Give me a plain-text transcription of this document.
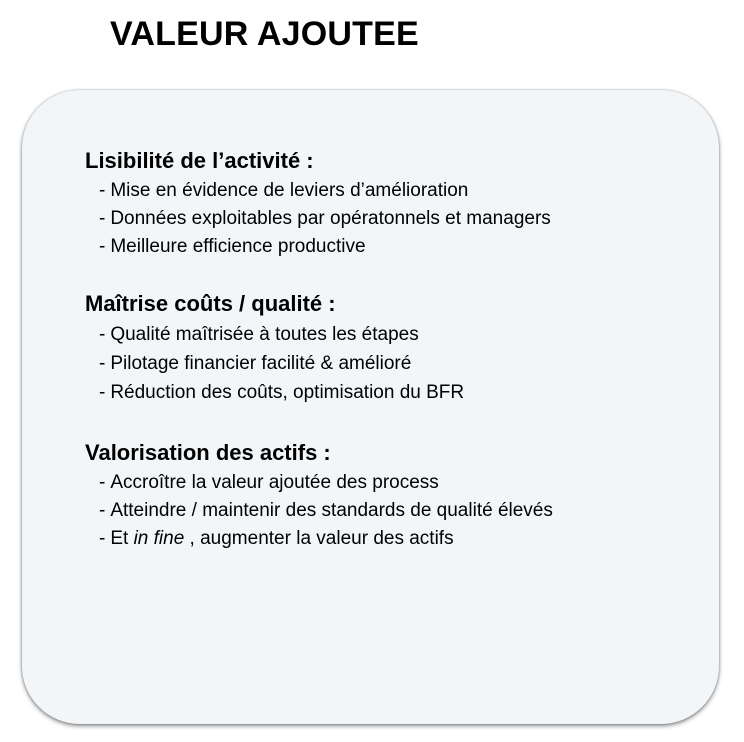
VALEUR AJOUTEE
Lisibilité de l’activité :
- Mise en évidence de leviers d’amélioration
- Données exploitables par opératonnels et managers
- Meilleure efficience productive
Maîtrise coûts / qualité :
- Qualité maîtrisée à toutes les étapes
- Pilotage financier facilité & amélioré
- Réduction des coûts, optimisation du BFR
Valorisation des actifs :
- Accroître la valeur ajoutée des process
- Atteindre / maintenir des standards de qualité élevés
- Et in fine , augmenter la valeur des actifs
